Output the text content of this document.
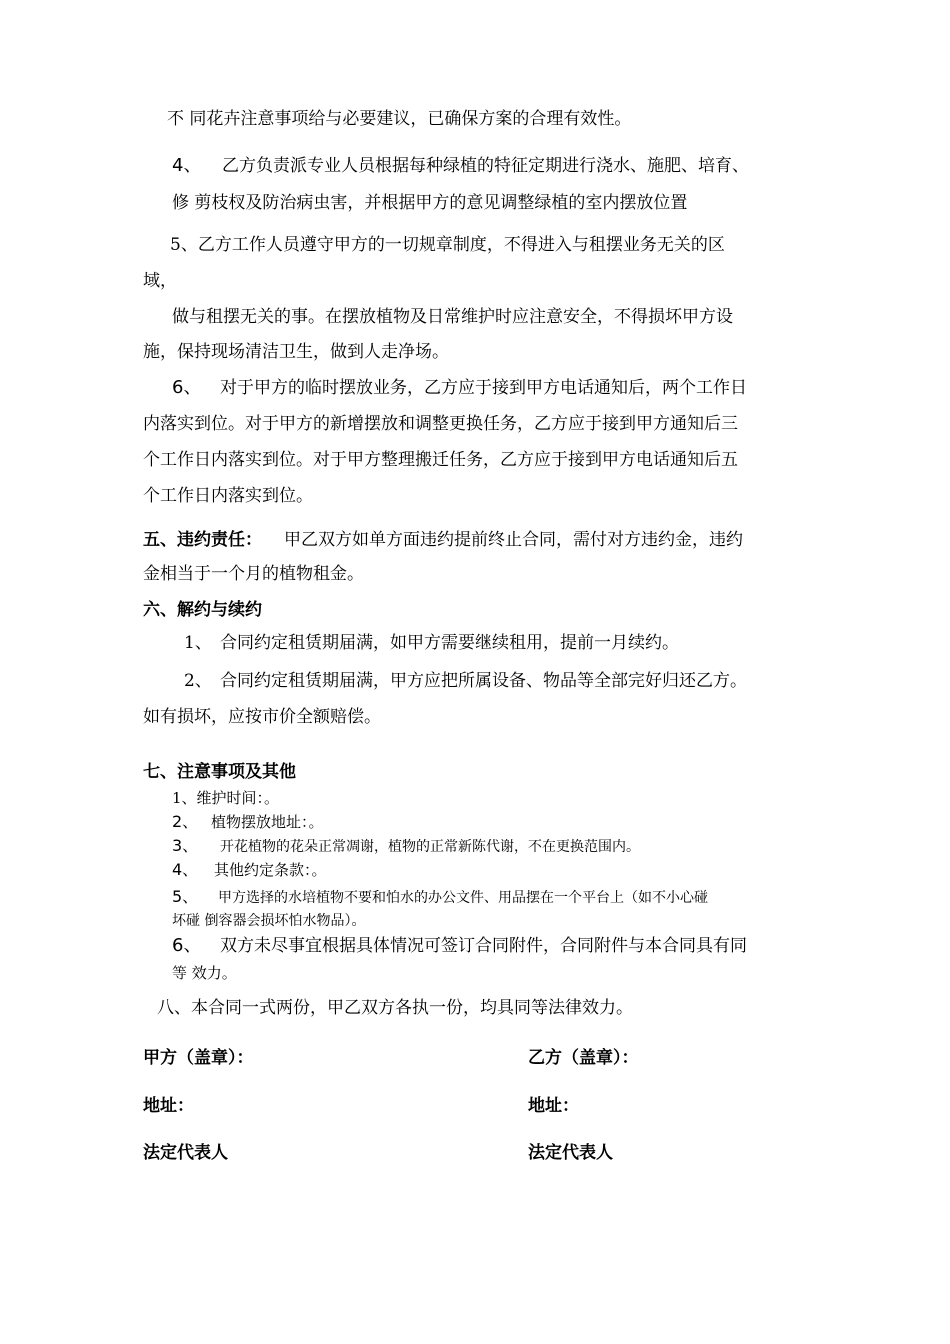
不 同花卉注意事项给与必要建议，已确保方案的合理有效性。
4、 乙方负责派专业人员根据每种绿植的特征定期进行浇水、施肥、培育、
修 剪枝杈及防治病虫害，并根据甲方的意见调整绿植的室内摆放位置
5、乙方工作人员遵守甲方的一切规章制度，不得进入与租摆业务无关的区
域，
做与租摆无关的事。在摆放植物及日常维护时应注意安全，不得损坏甲方设
施，保持现场清洁卫生，做到人走净场。
6、 对于甲方的临时摆放业务，乙方应于接到甲方电话通知后，两个工作日
内落实到位。对于甲方的新增摆放和调整更换任务，乙方应于接到甲方通知后三
个工作日内落实到位。对于甲方整理搬迁任务，乙方应于接到甲方电话通知后五
个工作日内落实到位。
五、违约责任： 甲乙双方如单方面违约提前终止合同，需付对方违约金，违约
金相当于一个月的植物租金。
六、解约与续约
1、 合同约定租赁期届满，如甲方需要继续租用，提前一月续约。
2、 合同约定租赁期届满，甲方应把所属设备、物品等全部完好归还乙方。
如有损坏，应按市价全额赔偿。
七、注意事项及其他
1、维护时间：。
2、 植物摆放地址：。
3、 开花植物的花朵正常凋谢，植物的正常新陈代谢，不在更换范围内。
4、 其他约定条款：。
5、 甲方选择的水培植物不要和怕水的办公文件、用品摆在一个平台上（如不小心碰
坏碰 倒容器会损坏怕水物品）。
6、 双方未尽事宜根据具体情况可签订合同附件，合同附件与本合同具有同
等 效力。
八、本合同一式两份，甲乙双方各执一份，均具同等法律效力。
甲方（盖章）：	乙方（盖章）：
地址：	地址：
法定代表人	法定代表人
